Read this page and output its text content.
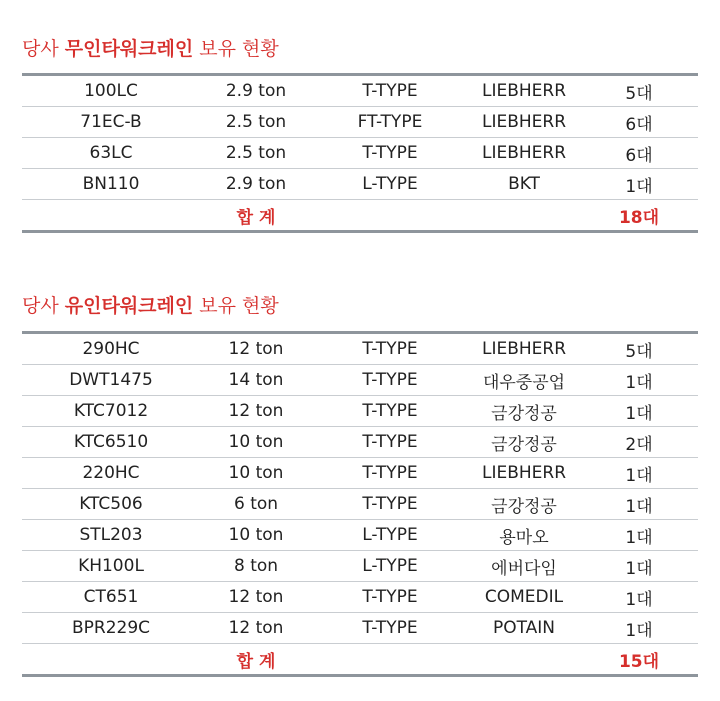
당사 무인타워크레인 보유 현황
100LC	2.9 ton	T-TYPE	LIEBHERR	5대
71EC-B	2.5 ton	FT-TYPE	LIEBHERR	6대
63LC	2.5 ton	T-TYPE	LIEBHERR	6대
BN110	2.9 ton	L-TYPE	BKT	1대
합 계	18대
당사 유인타워크레인 보유 현황
290HC	12 ton	T-TYPE	LIEBHERR	5대
DWT1475	14 ton	T-TYPE	대우중공업	1대
KTC7012	12 ton	T-TYPE	금강정공	1대
KTC6510	10 ton	T-TYPE	금강정공	2대
220HC	10 ton	T-TYPE	LIEBHERR	1대
KTC506	6 ton	T-TYPE	금강정공	1대
STL203	10 ton	L-TYPE	용마오	1대
KH100L	8 ton	L-TYPE	에버다임	1대
CT651	12 ton	T-TYPE	COMEDIL	1대
BPR229C	12 ton	T-TYPE	POTAIN	1대
합 계	15대
